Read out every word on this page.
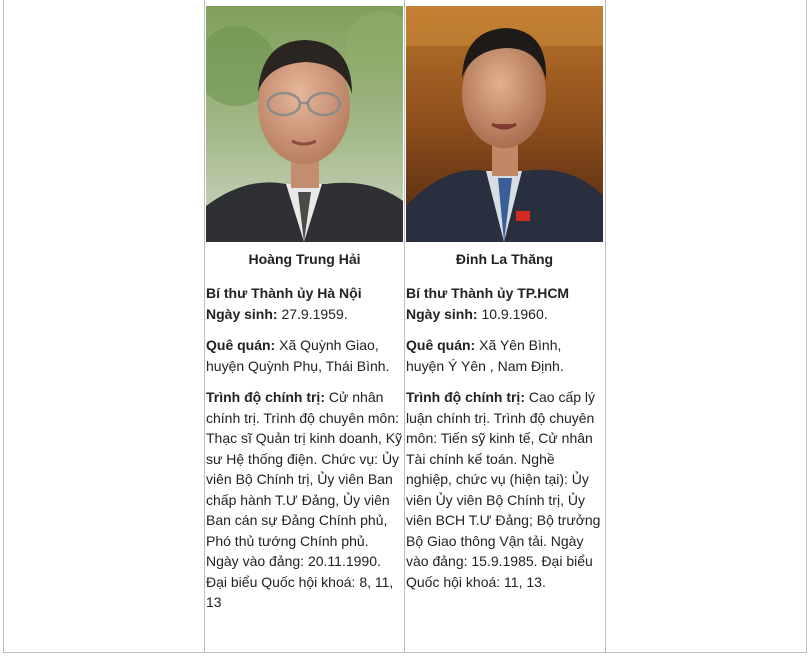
Hoàng Trung Hải
Bí thư Thành ủy Hà Nội
Ngày sinh: 27.9.1959.
Quê quán: Xã Quỳnh Giao, huyện Quỳnh Phụ, Thái Bình.
Trình độ chính trị: Cử nhân chính trị. Trình độ chuyên môn: Thạc sĩ Quản trị kinh doanh, Kỹ sư Hệ thống điện. Chức vụ: Ủy viên Bộ Chính trị, Ủy viên Ban chấp hành T.Ư Đảng, Ủy viên Ban cán sự Đảng Chính phủ, Phó thủ tướng Chính phủ. Ngày vào đảng: 20.11.1990. Đại biểu Quốc hội khoá: 8, 11, 13
Đinh La Thăng
Bí thư Thành ủy TP.HCM
Ngày sinh: 10.9.1960.
Quê quán: Xã Yên Bình, huyện Ý Yên , Nam Định.
Trình độ chính trị: Cao cấp lý luận chính trị. Trình độ chuyên môn: Tiến sỹ kinh tế, Cử nhân Tài chính kế toán. Nghề nghiệp, chức vụ (hiện tại): Ủy viên Ủy viên Bộ Chính trị, Ủy viên BCH T.Ư Đảng; Bộ trưởng Bộ Giao thông Vận tải. Ngày vào đảng: 15.9.1985. Đại biểu Quốc hội khoá: 11, 13.
